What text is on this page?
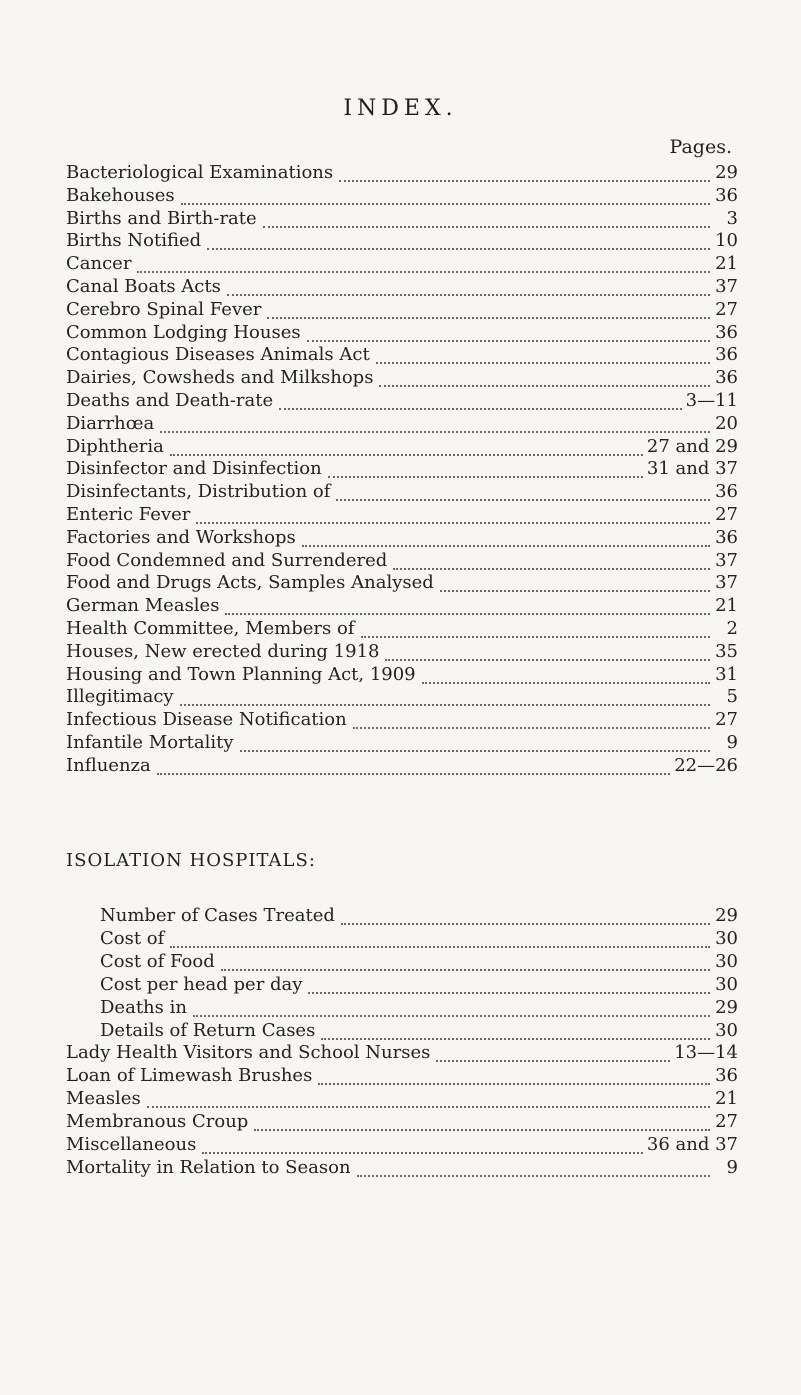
INDEX.
Pages.
Bacteriological Examinations	29
Bakehouses	36
Births and Birth-rate	3
Births Notified	10
Cancer	21
Canal Boats Acts	37
Cerebro Spinal Fever	27
Common Lodging Houses	36
Contagious Diseases Animals Act	36
Dairies, Cowsheds and Milkshops	36
Deaths and Death-rate	3—11
Diarrhœa	20
Diphtheria	27 and 29
Disinfector and Disinfection	31 and 37
Disinfectants, Distribution of	36
Enteric Fever	27
Factories and Workshops	36
Food Condemned and Surrendered	37
Food and Drugs Acts, Samples Analysed	37
German Measles	21
Health Committee, Members of	2
Houses, New erected during 1918	35
Housing and Town Planning Act, 1909	31
Illegitimacy	5
Infectious Disease Notification	27
Infantile Mortality	9
Influenza	22—26
ISOLATION HOSPITALS:
Number of Cases Treated	29
Cost of	30
Cost of Food	30
Cost per head per day	30
Deaths in	29
Details of Return Cases	30
Lady Health Visitors and School Nurses	13—14
Loan of Limewash Brushes	36
Measles	21
Membranous Croup	27
Miscellaneous	36 and 37
Mortality in Relation to Season	9
